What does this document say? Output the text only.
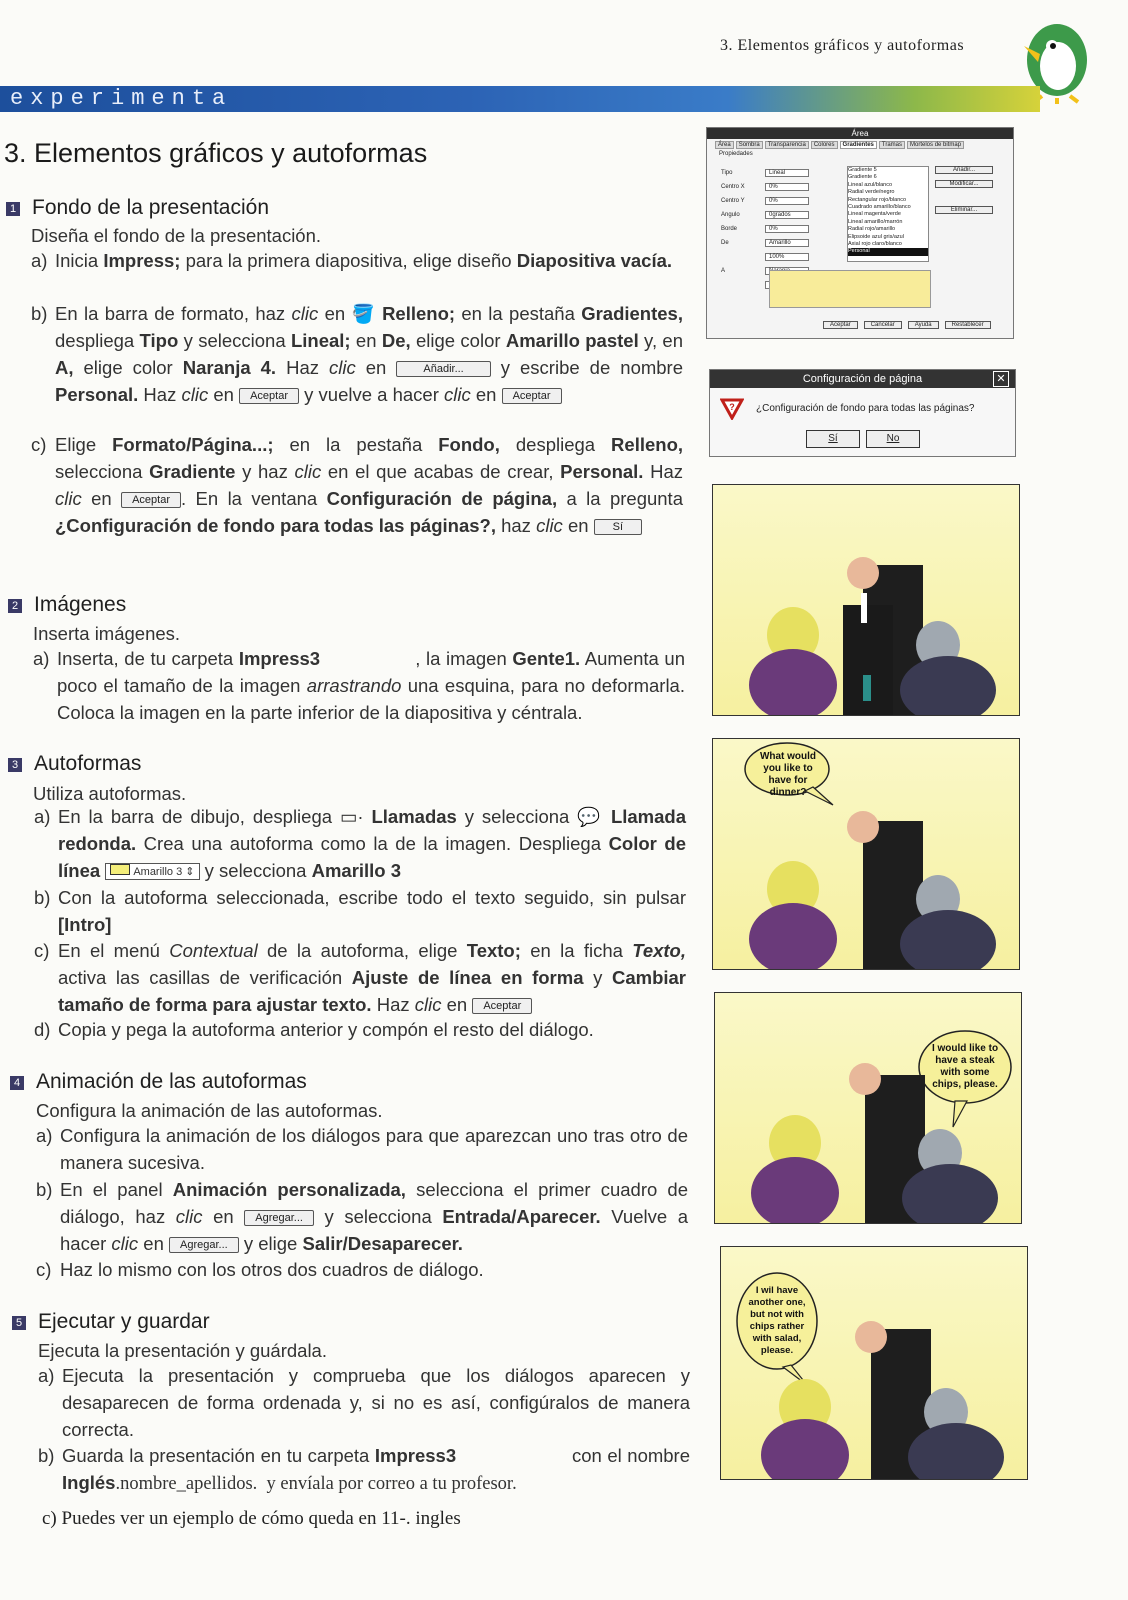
3. Elementos gráficos y autoformas
experimenta
3. Elementos gráficos y autoformas
1 Fondo de la presentación
Diseña el fondo de la presentación.
a) Inicia Impress; para la primera diapositiva, elige diseño Diapositiva vacía.
b) En la barra de formato, haz clic en 🪣 Relleno; en la pestaña Gradientes, despliega Tipo y selecciona Lineal; en De, elige color Amarillo pastel y, en A, elige color Naranja 4. Haz clic en Añadir... y escribe de nombre Personal. Haz clic en Aceptar y vuelve a hacer clic en Aceptar
c) Elige Formato/Página...; en la pestaña Fondo, despliega Relleno, selecciona Gradiente y haz clic en el que acabas de crear, Personal. Haz clic en Aceptar . En la ventana Configuración de página, a la pregunta ¿Configuración de fondo para todas las páginas?, haz clic en Sí
2 Imágenes
Inserta imágenes.
a) Inserta, de tu carpeta Impress3                 , la imagen Gente1. Aumenta un poco el tamaño de la imagen arrastrando una esquina, para no deformarla. Coloca la imagen en la parte inferior de la diapositiva y céntrala.
3 Autoformas
Utiliza autoformas.
a) En la barra de dibujo, despliega ▭· Llamadas y selecciona 💬 Llamada redonda. Crea una autoforma como la de la imagen. Despliega Color de línea	Amarillo 3 ⇕ y selecciona Amarillo 3
b) Con la autoforma seleccionada, escribe todo el texto seguido, sin pulsar [Intro]
c) En el menú Contextual de la autoforma, elige Texto; en la ficha Texto, activa las casillas de verificación Ajuste de línea en forma y Cambiar tamaño de forma para ajustar texto. Haz clic en Aceptar
d) Copia y pega la autoforma anterior y compón el resto del diálogo.
4 Animación de las autoformas
Configura la animación de las autoformas.
a) Configura la animación de los diálogos para que aparezcan uno tras otro de manera sucesiva.
b) En el panel Animación personalizada, selecciona el primer cuadro de diálogo, haz clic en Agregar... y selecciona Entrada/Aparecer. Vuelve a hacer clic en Agregar... y elige Salir/Desaparecer.
c) Haz lo mismo con los otros dos cuadros de diálogo.
5 Ejecutar y guardar
Ejecuta la presentación y guárdala.
a) Ejecuta la presentación y comprueba que los diálogos aparecen y desaparecen de forma ordenada y, si no es así, configúralos de manera correcta.
b) Guarda la presentación en tu carpeta Impress3                     con el nombre Inglés.nombre_apellidos.  y envíala por correo a tu profesor.
c) Puedes ver un ejemplo de cómo queda en 11-. ingles
Área
Área	Sombra	Transparencia	Colores	Gradientes	Tramas	Mortelos de bitmap
Propiedades
Tipo	Lineal
Centro X	0%
Centro Y	0%
Angulo	0grados
Borde	0%
De	Amarillo
100%
A
Gradiente 5
Gradiente 6
Lineal azul/blanco
Radial verde/negro
Rectangular rojo/blanco
Cuadrado amarillo/blanco
Lineal magenta/verde
Lineal amarillo/marrón
Radial rojo/amarillo
Elipsoide azul gris/azul
Axial rojo claro/blanco
Personal
Añadir...
Modificar...
Eliminar...
Aceptar	Cancelar	Ayuda	Restablecer
Configuración de página	✕
? ¿Configuración de fondo para todas las páginas?
Sí	No
What would you like to have for dinner?
I would like to have a steak with some chips, please.
I wil have another one, but not with chips rather with salad, please.
